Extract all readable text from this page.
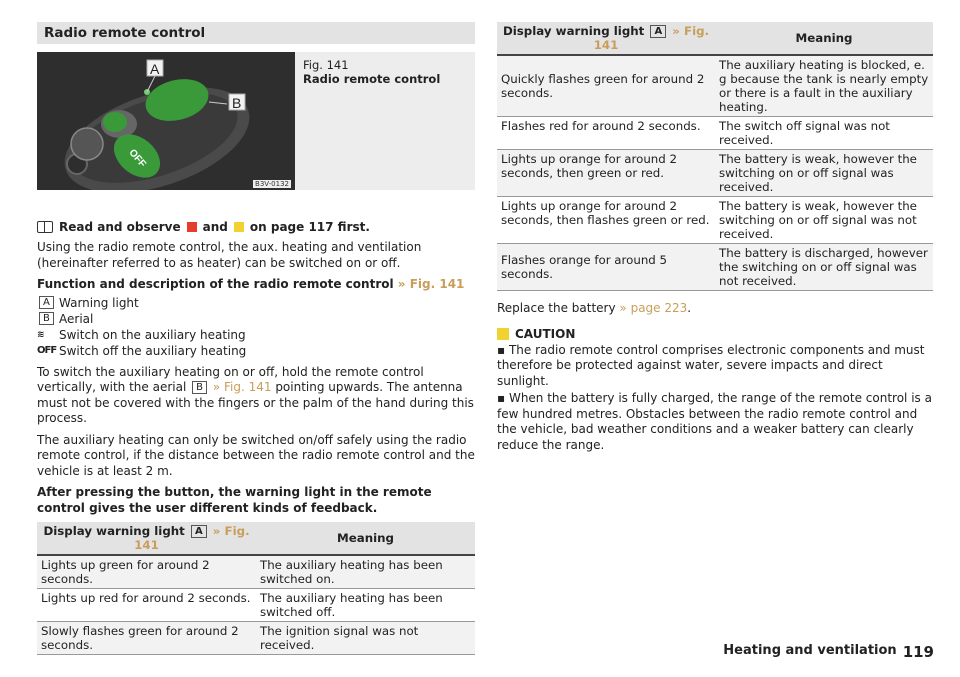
Radio remote control
OFF
A
B
B3V-0132
Fig. 141
Radio remote control
Read and observe and on page 117 first.

Using the radio remote control, the aux. heating and ventilation (hereinafter referred to as heater) can be switched on or off.

Function and description of the radio remote control » Fig. 141

A Warning light
B Aerial
≋ Switch on the auxiliary heating
OFF Switch off the auxiliary heating

To switch the auxiliary heating on or off, hold the remote control vertically, with the aerial B » Fig. 141 pointing upwards. The antenna must not be covered with the fingers or the palm of the hand during this process.

The auxiliary heating can only be switched on/off safely using the radio remote control, if the distance between the radio remote control and the vehicle is at least 2 m.

After pressing the button, the warning light in the remote control gives the user different kinds of feedback.

Display warning light A » Fig. 141	Meaning
Lights up green for around 2 seconds.	The auxiliary heating has been switched on.
Lights up red for around 2 seconds.	The auxiliary heating has been switched off.
Slowly flashes green for around 2 seconds.	The ignition signal was not received.
Display warning light A » Fig. 141	Meaning
Quickly flashes green for around 2 seconds.	The auxiliary heating is blocked, e. g because the tank is nearly empty or there is a fault in the auxiliary heating.
Flashes red for around 2 seconds.	The switch off signal was not received.
Lights up orange for around 2 seconds, then green or red.	The battery is weak, however the switching on or off signal was received.
Lights up orange for around 2 seconds, then flashes green or red.	The battery is weak, however the switching on or off signal was not received.
Flashes orange for around 5 seconds.	The battery is discharged, however the switching on or off signal was not received.

Replace the battery » page 223.

CAUTION
▪ The radio remote control comprises electronic components and must therefore be protected against water, severe impacts and direct sunlight.
▪ When the battery is fully charged, the range of the remote control is a few hundred metres. Obstacles between the radio remote control and the vehicle, bad weather conditions and a weaker battery can clearly reduce the range.
Heating and ventilation 119
